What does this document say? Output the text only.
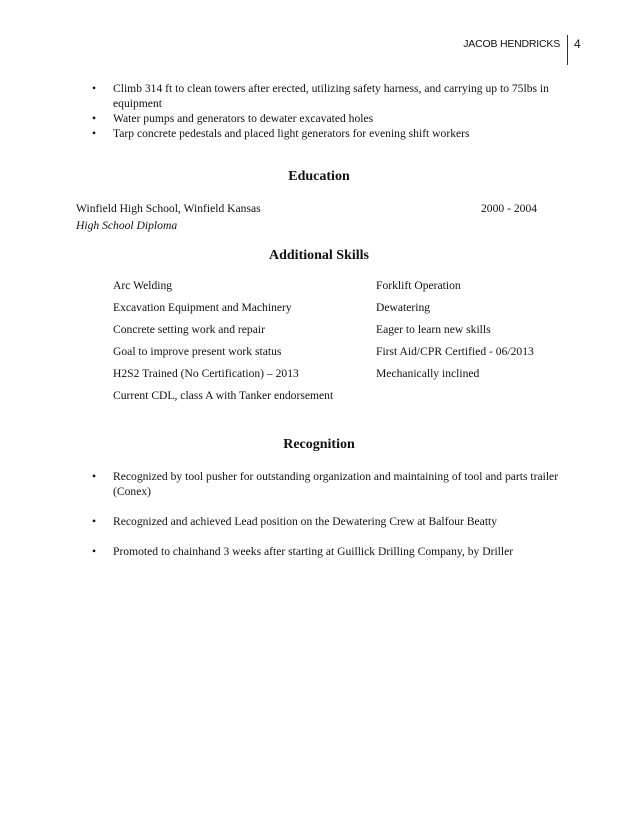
JACOB HENDRICKS 4
• Climb 314 ft to clean towers after erected, utilizing safety harness, and carrying up to 75lbs in equipment
• Water pumps and generators to dewater excavated holes
• Tarp concrete pedestals and placed light generators for evening shift workers
Education
Winfield High School, Winfield Kansas	2000 - 2004
High School Diploma
Additional Skills
Arc Welding	Forklift Operation
Excavation Equipment and Machinery	Dewatering
Concrete setting work and repair	Eager to learn new skills
Goal to improve present work status	First Aid/CPR Certified - 06/2013
H2S2 Trained (No Certification) – 2013	Mechanically inclined
Current CDL, class A with Tanker endorsement
Recognition
• Recognized by tool pusher for outstanding organization and maintaining of tool and parts trailer (Conex)
• Recognized and achieved Lead position on the Dewatering Crew at Balfour Beatty
• Promoted to chainhand 3 weeks after starting at Guillick Drilling Company, by Driller
